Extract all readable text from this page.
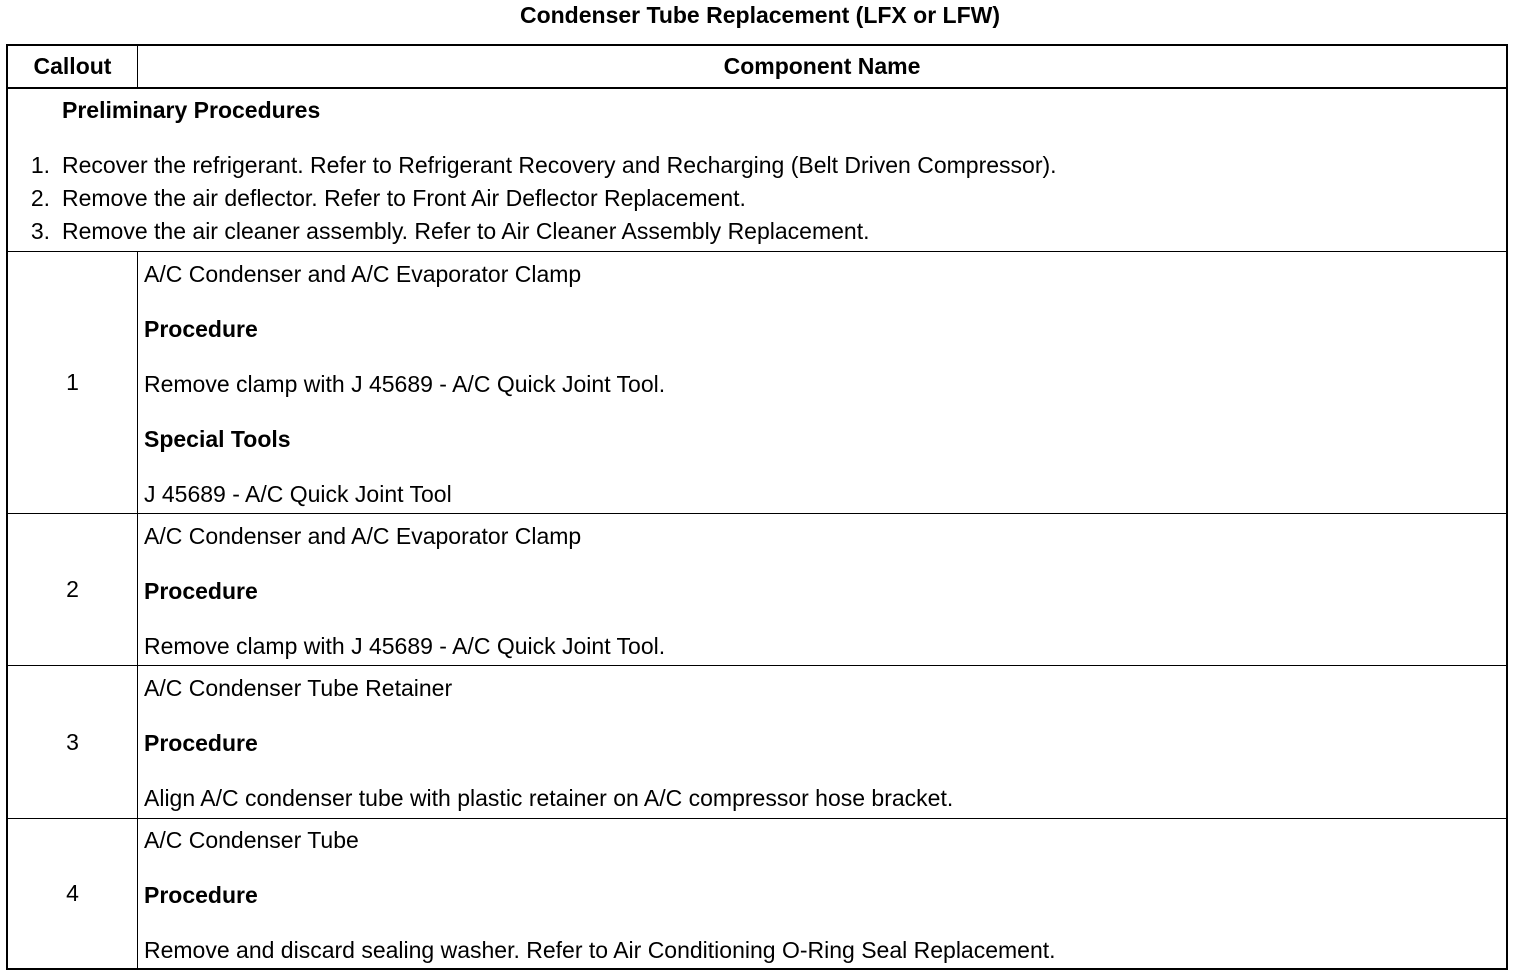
Condenser Tube Replacement (LFX or LFW)
Callout	Component Name
Preliminary Procedures
1. Recover the refrigerant. Refer to Refrigerant Recovery and Recharging (Belt Driven Compressor).
2. Remove the air deflector. Refer to Front Air Deflector Replacement.
3. Remove the air cleaner assembly. Refer to Air Cleaner Assembly Replacement.
1
A/C Condenser and A/C Evaporator Clamp
Procedure
Remove clamp with J 45689 - A/C Quick Joint Tool.
Special Tools
J 45689 - A/C Quick Joint Tool
2
A/C Condenser and A/C Evaporator Clamp
Procedure
Remove clamp with J 45689 - A/C Quick Joint Tool.
3
A/C Condenser Tube Retainer
Procedure
Align A/C condenser tube with plastic retainer on A/C compressor hose bracket.
4
A/C Condenser Tube
Procedure
Remove and discard sealing washer. Refer to Air Conditioning O-Ring Seal Replacement.
